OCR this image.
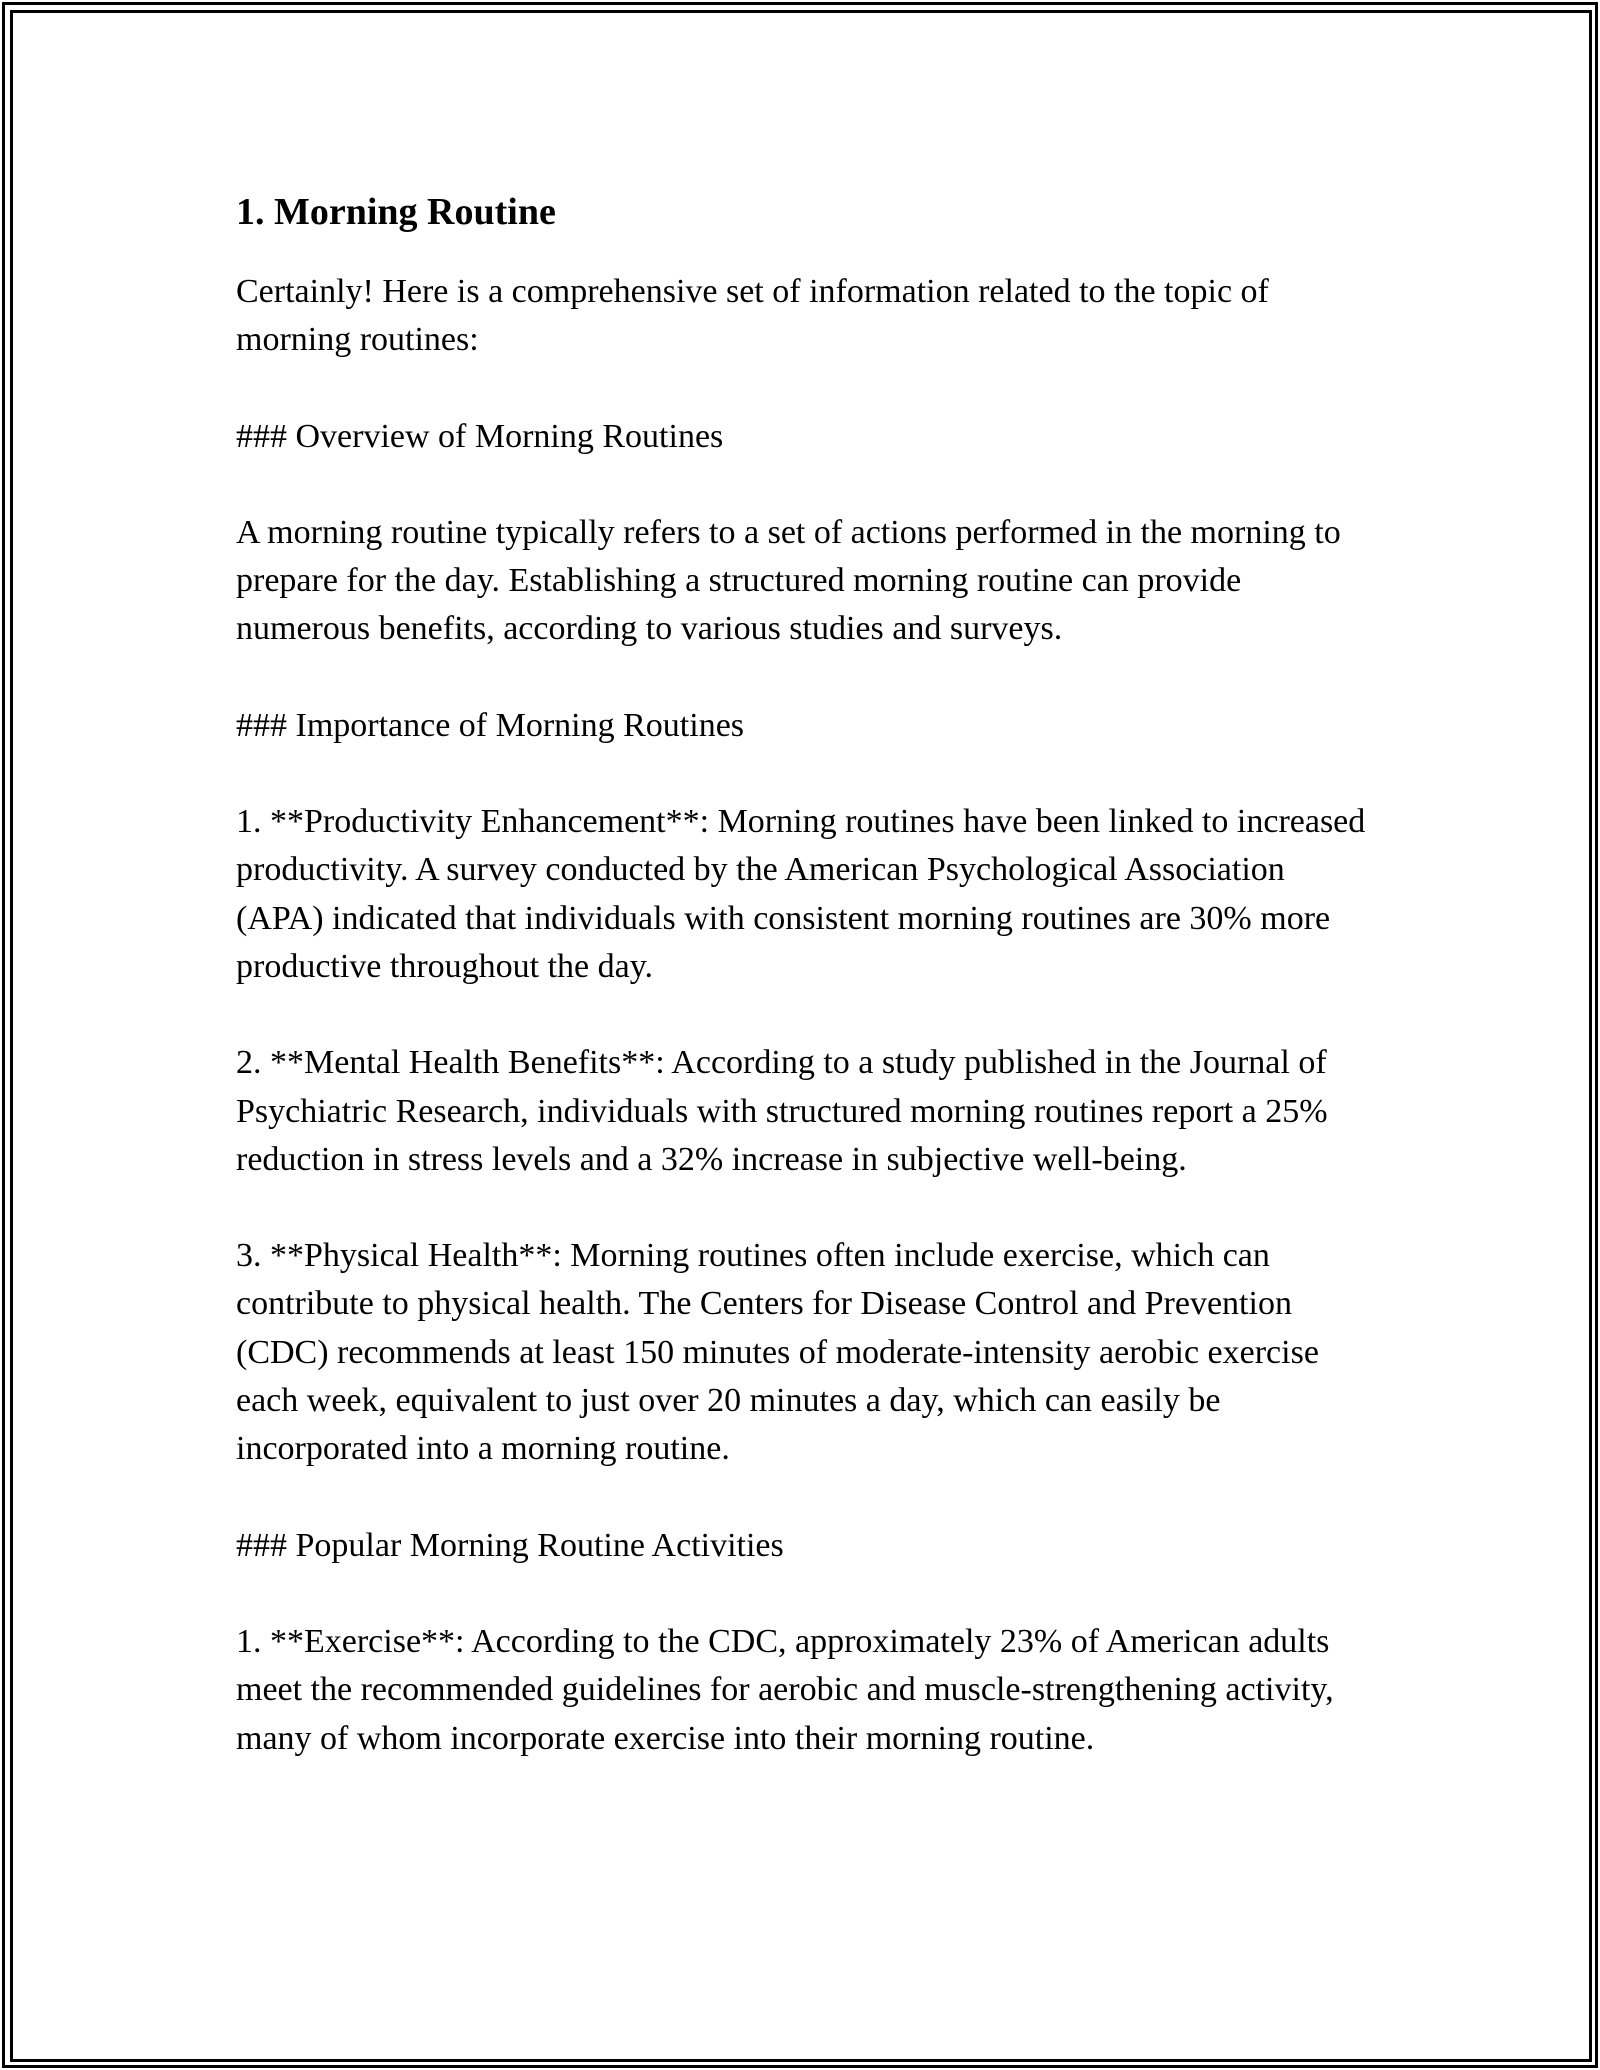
1. Morning Routine

Certainly! Here is a comprehensive set of information related to the topic of morning routines:

### Overview of Morning Routines

A morning routine typically refers to a set of actions performed in the morning to prepare for the day. Establishing a structured morning routine can provide numerous benefits, according to various studies and surveys.

### Importance of Morning Routines

1. **Productivity Enhancement**: Morning routines have been linked to increased productivity. A survey conducted by the American Psychological Association (APA) indicated that individuals with consistent morning routines are 30% more productive throughout the day.

2. **Mental Health Benefits**: According to a study published in the Journal of Psychiatric Research, individuals with structured morning routines report a 25% reduction in stress levels and a 32% increase in subjective well-being.

3. **Physical Health**: Morning routines often include exercise, which can contribute to physical health. The Centers for Disease Control and Prevention (CDC) recommends at least 150 minutes of moderate-intensity aerobic exercise each week, equivalent to just over 20 minutes a day, which can easily be incorporated into a morning routine.

### Popular Morning Routine Activities

1. **Exercise**: According to the CDC, approximately 23% of American adults meet the recommended guidelines for aerobic and muscle-strengthening activity, many of whom incorporate exercise into their morning routine.
